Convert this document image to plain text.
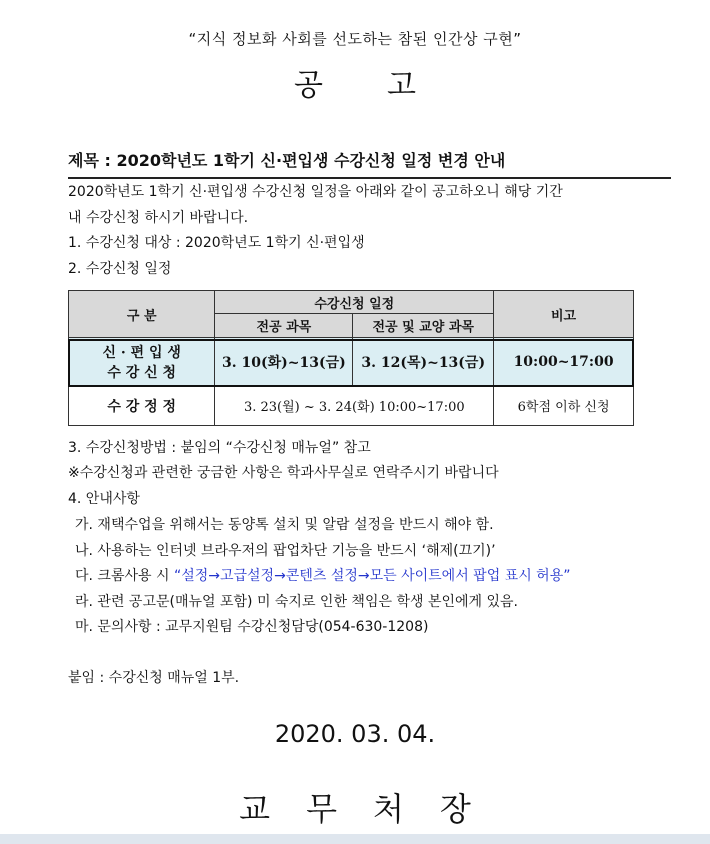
“지식 정보화 사회를 선도하는 참된 인간상 구현”
공 고
제목 : 2020학년도 1학기 신·편입생 수강신청 일정 변경 안내
2020학년도 1학기 신·편입생 수강신청 일정을 아래와 같이 공고하오니 해당 기간
내 수강신청 하시기 바랍니다.
1. 수강신청 대상 : 2020학년도 1학기 신·편입생
2. 수강신청 일정
구 분	수강신청 일정		비고
	전공 과목	전공 및 교양 과목	

신 · 편 입 생
수 강 신 청	3. 10(화)~13(금)	3. 12(목)~13(금)	10:00~17:00
수 강 정 정	3. 23(월) ~ 3. 24(화) 10:00~17:00		6학점 이하 신청
3. 수강신청방법 : 붙임의 “수강신청 매뉴얼” 참고
※수강신청과 관련한 궁금한 사항은 학과사무실로 연락주시기 바랍니다
4. 안내사항
가. 재택수업을 위해서는 동양톡 설치 및 알람 설정을 반드시 해야 함.
나. 사용하는 인터넷 브라우저의 팝업차단 기능을 반드시 ‘해제(끄기)’
다. 크롬사용 시 “설정→고급설정→콘텐츠 설정→모든 사이트에서 팝업 표시 허용”
라. 관련 공고문(매뉴얼 포함) 미 숙지로 인한 책임은 학생 본인에게 있음.
마. 문의사항 : 교무지원팀 수강신청담당(054-630-1208)
붙임 : 수강신청 매뉴얼 1부.
2020. 03. 04.
교 무 처 장
